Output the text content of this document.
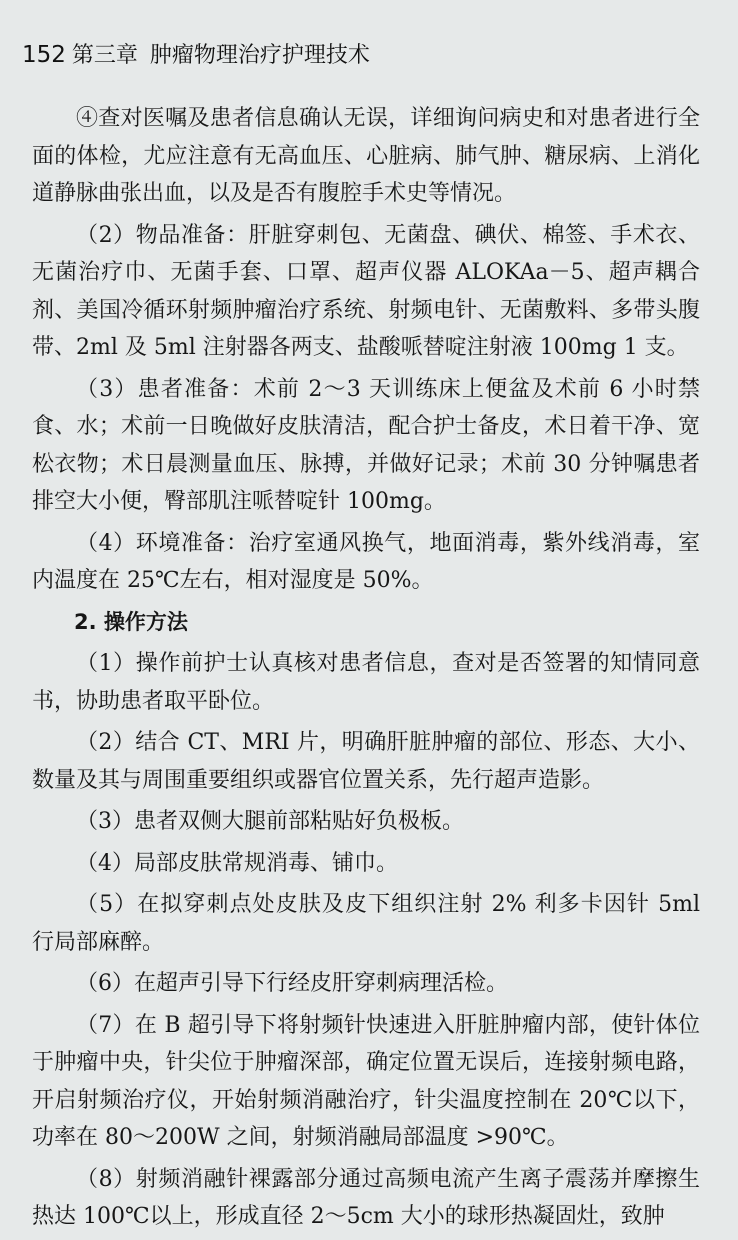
152 第三章 肿瘤物理治疗护理技术

④查对医嘱及患者信息确认无误，详细询问病史和对患者进行全面的体检，尤应注意有无高血压、心脏病、肺气肿、糖尿病、上消化道静脉曲张出血，以及是否有腹腔手术史等情况。

（2）物品准备：肝脏穿刺包、无菌盘、碘伏、棉签、手术衣、无菌治疗巾、无菌手套、口罩、超声仪器 ALOKAa－5、超声耦合剂、美国冷循环射频肿瘤治疗系统、射频电针、无菌敷料、多带头腹带、2ml 及 5ml 注射器各两支、盐酸哌替啶注射液 100mg 1 支。

（3）患者准备：术前 2～3 天训练床上便盆及术前 6 小时禁食、水；术前一日晚做好皮肤清洁，配合护士备皮，术日着干净、宽松衣物；术日晨测量血压、脉搏，并做好记录；术前 30 分钟嘱患者排空大小便，臀部肌注哌替啶针 100mg。

（4）环境准备：治疗室通风换气，地面消毒，紫外线消毒，室内温度在 25℃左右，相对湿度是 50%。

2. 操作方法

（1）操作前护士认真核对患者信息，查对是否签署的知情同意书，协助患者取平卧位。

（2）结合 CT、MRI 片，明确肝脏肿瘤的部位、形态、大小、数量及其与周围重要组织或器官位置关系，先行超声造影。

（3）患者双侧大腿前部粘贴好负极板。

（4）局部皮肤常规消毒、铺巾。

（5）在拟穿刺点处皮肤及皮下组织注射 2% 利多卡因针 5ml 行局部麻醉。

（6）在超声引导下行经皮肝穿刺病理活检。

（7）在 B 超引导下将射频针快速进入肝脏肿瘤内部，使针体位于肿瘤中央，针尖位于肿瘤深部，确定位置无误后，连接射频电路，开启射频治疗仪，开始射频消融治疗，针尖温度控制在 20℃以下，功率在 80～200W 之间，射频消融局部温度 >90℃。

（8）射频消融针裸露部分通过高频电流产生离子震荡并摩擦生热达 100℃以上，形成直径 2～5cm 大小的球形热凝固灶，致肿
